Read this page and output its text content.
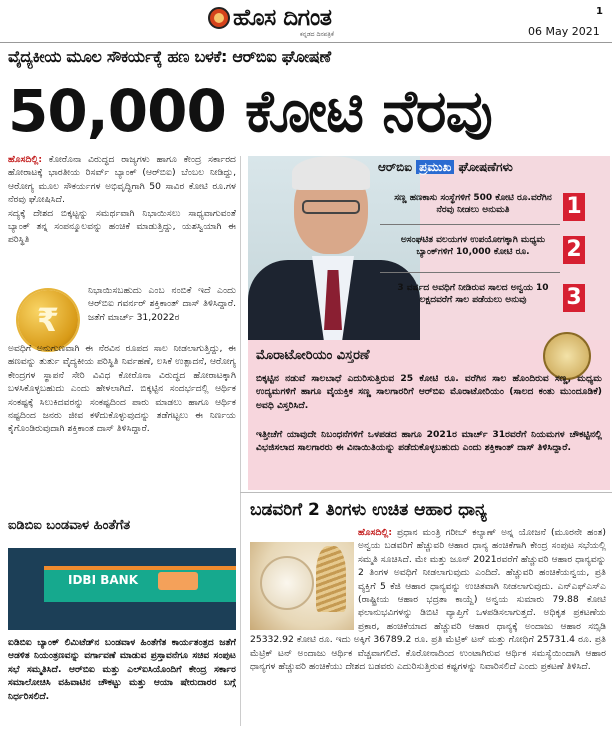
ಹೊಸ ದಿಗಂತ
ಕನ್ನಡದ ದಿನಪತ್ರಿಕೆ
1
06 May 2021
ವೈದ್ಯಕೀಯ ಮೂಲ ಸೌಕರ್ಯಕ್ಕೆ ಹಣ ಬಳಕೆ: ಆರ್‌ಬಿಐ ಘೋಷಣೆ
50,000 ಕೋಟಿ ನೆರವು
ಹೊಸದಿಲ್ಲಿ: ಕೋರೊನಾ ವಿರುದ್ಧದ ರಾಜ್ಯಗಳು ಹಾಗೂ ಕೇಂದ್ರ ಸರ್ಕಾರದ ಹೋರಾಟಕ್ಕೆ ಭಾರತೀಯ ರಿಸರ್ವ್ ಬ್ಯಾಂಕ್ (ಆರ್‌ಬಿಐ) ಬೆಂಬಲ ನೀಡಿದ್ದು, ಆರೋಗ್ಯ ಮೂಲ ಸೌಕರ್ಯಗಳ ಅಭಿವೃದ್ಧಿಗಾಗಿ 50 ಸಾವಿರ ಕೋಟಿ ರೂ.ಗಳ ನೆರವು ಘೋಷಿಸಿದೆ.
ಸದ್ಯಕ್ಕೆ ದೇಶದ ಬಿಕ್ಕಟ್ಟನ್ನು ಸಮರ್ಥವಾಗಿ ನಿಭಾಯಿಸಲು ಸಾಧ್ಯವಾಗುವಂತೆ ಬ್ಯಾಂಕ್ ತನ್ನ ಸಂಪನ್ಮೂಲವನ್ನು ಹಂಚಿಕೆ ಮಾಡುತ್ತಿದ್ದು, ಯಶಸ್ವಿಯಾಗಿ ಈ ಪರಿಸ್ಥಿತಿ
₹
ನಿಭಾಯಿಸಬಹುದು ಎಂಬ ನಂಬಿಕೆ ಇದೆ ಎಂದು ಆರ್‌ಬಿಐ ಗವರ್ನರ್ ಶಕ್ತಿಕಾಂತ್ ದಾಸ್ ತಿಳಿಸಿದ್ದಾರೆ. ಜತೆಗೆ ಮಾರ್ಚ್ 31,2022ರ
ಅವಧಿಗೆ ಅನುಗುಣವಾಗಿ ಈ ನೆರವಿನ ರೂಪದ ಸಾಲ ನೀಡಲಾಗುತ್ತಿದ್ದು, ಈ ಹಣವನ್ನು ತುರ್ತು ವೈದ್ಯಕೀಯ ಪರಿಸ್ಥಿತಿ ನಿರ್ವಹಣೆ, ಲಸಿಕೆ ಉತ್ಪಾದನೆ, ಆರೋಗ್ಯ ಕೇಂದ್ರಗಳ ಸ್ಥಾಪನೆ ಸೇರಿ ವಿವಿಧ ಕೋರೊನಾ ವಿರುದ್ಧದ ಹೋರಾಟಕ್ಕಾಗಿ ಬಳಸಿಕೊಳ್ಳಬಹುದು ಎಂದು ಹೇಳಲಾಗಿದೆ. ಬಿಕ್ಕಟ್ಟಿನ ಸಂದರ್ಭದಲ್ಲಿ ಆರ್ಥಿಕ ಸಂಕಷ್ಟಕ್ಕೆ ಸಿಲುಕಿದವರನ್ನು ಸಂಕಷ್ಟದಿಂದ ಪಾರು ಮಾಡಲು ಹಾಗೂ ಆರ್ಥಿಕ ನಷ್ಟದಿಂದ ಜನರು ಜೀವ ಕಳೆದುಕೊಳ್ಳುವುದನ್ನು ತಡೆಗಟ್ಟಲು ಈ ನಿರ್ಣಯ ಕೈಗೊಂಡಿರುವುದಾಗಿ ಶಕ್ತಿಕಾಂತ ದಾಸ್ ತಿಳಿಸಿದ್ದಾರೆ.
ಐಡಿಬಿಐ ಬಂಡವಾಳ ಹಿಂತೆಗೆತ
IDBI BANK
ಐಡಿಬಿಐ ಬ್ಯಾಂಕ್ ಲಿಮಿಟೆಡ್‌ನ ಬಂಡವಾಳ ಹಿಂತೆಗೆತ ಕಾರ್ಯತಂತ್ರದ ಜತೆಗೆ ಆಡಳಿತ ನಿಯಂತ್ರಣವನ್ನು ವರ್ಗಾವಣೆ ಮಾಡುವ ಪ್ರಸ್ತಾವನೆಗೂ ಸಚಿವ ಸಂಪುಟ ಸಭೆ ಸಮ್ಮತಿಸಿದೆ. ಆರ್‌ಬಿಐ ಮತ್ತು ಎಲ್‌ಐಸಿಯೊಂದಿಗೆ ಕೇಂದ್ರ ಸರ್ಕಾರ ಸಮಾಲೋಚಿಸಿ ವಹಿವಾಟಿನ ಚೌಕಟ್ಟು ಮತ್ತು ಆಯಾ ಷೇರುದಾರರ ಬಗ್ಗೆ ನಿರ್ಧರಿಸಲಿದೆ.
ಆರ್‌ಬಿಐ ಪ್ರಮುಖ ಘೋಷಣೆಗಳು
ಸಣ್ಣ ಹಣಕಾಸು ಸಂಸ್ಥೆಗಳಿಗೆ 500 ಕೋಟಿ ರೂ.ವರೆಗಿನ ನೆರವು ನೀಡಲು ಅನುಮತಿ	1
ಅಸಂಘಟಿತ ವಲಯಗಳ ಉಪಯೋಗಕ್ಕಾಗಿ ಮಧ್ಯಮ ಬ್ಯಾಂಕ್‌ಗಳಿಗೆ 10,000 ಕೋಟಿ ರೂ.	2
3 ವರ್ಷದ ಅವಧಿಗೆ ನೀಡಿರುವ ಸಾಲದ ಅನ್ವಯ 10 ಲಕ್ಷದವರೆಗೆ ಸಾಲ ಪಡೆಯಲು ಅನುವು	3
ಮೊರಾಟೋರಿಯಂ ವಿಸ್ತರಣೆ
ಬಿಕ್ಕಟ್ಟಿನ ನಡುವೆ ಸಾಲಬಾಧೆ ಎದುರಿಸುತ್ತಿರುವ 25 ಕೋಟಿ ರೂ. ವರೆಗಿನ ಸಾಲ ಹೊಂದಿರುವ ಸಣ್ಣ, ಮಧ್ಯಮ ಉದ್ಯಮಗಳಿಗೆ ಹಾಗೂ ವೈಯಕ್ತಿಕ ಸಣ್ಣ ಸಾಲಗಾರರಿಗೆ ಆರ್‌ಬಿಐ ಮೊರಾಟೋರಿಯಂ (ಸಾಲದ ಕಂತು ಮುಂದೂಡಿಕೆ) ಅವಧಿ ವಿಸ್ತರಿಸಿದೆ.
ಇತ್ತೀಚೆಗೆ ಯಾವುದೇ ನಿಬಂಧನೆಗಳಿಗೆ ಒಳಪಡದ ಹಾಗೂ 2021ರ ಮಾರ್ಚ್ 31ರವರೆಗೆ ನಿಯಮಗಳ ಚೌಕಟ್ಟಿನಲ್ಲಿ ವಿಭಜಿಸಲಾದ ಸಾಲಗಾರರು ಈ ವಿನಾಯಿತಿಯನ್ನು ಪಡೆದುಕೊಳ್ಳಬಹುದು ಎಂದು ಶಕ್ತಿಕಾಂತ್ ದಾಸ್ ತಿಳಿಸಿದ್ದಾರೆ.
ಬಡವರಿಗೆ 2 ತಿಂಗಳು ಉಚಿತ ಆಹಾರ ಧಾನ್ಯ
ಹೊಸದಿಲ್ಲಿ: ಪ್ರಧಾನ ಮಂತ್ರಿ ಗರೀಬ್ ಕಲ್ಯಾಣ್ ಅನ್ನ ಯೋಜನೆ (ಮೂರನೇ ಹಂತ) ಅನ್ವಯ ಬಡವರಿಗೆ ಹೆಚ್ಚುವರಿ ಆಹಾರ ಧಾನ್ಯ ಹಂಚಿಕೆಗಾಗಿ ಕೇಂದ್ರ ಸಂಪುಟ ಸಭೆಯಲ್ಲಿ ಸಮ್ಮತಿ ಸೂಚಿಸಿದೆ. ಮೇ ಮತ್ತು ಜೂನ್ 2021ರವರೆಗೆ ಹೆಚ್ಚುವರಿ ಆಹಾರ ಧಾನ್ಯವನ್ನು 2 ತಿಂಗಳ ಅವಧಿಗೆ ನೀಡಲಾಗುವುದು ಎಂದಿದೆ. ಹೆಚ್ಚುವರಿ ಹಂಚಿಕೆಯನ್ವಯ, ಪ್ರತಿ ವ್ಯಕ್ತಿಗೆ 5 ಕೆಜಿ ಆಹಾರ ಧಾನ್ಯವನ್ನು ಉಚಿತವಾಗಿ ನೀಡಲಾಗುವುದು. ಎನ್‌ಎಫ್‌ಎಸ್‌ಎ (ರಾಷ್ಟ್ರೀಯ ಆಹಾರ ಭದ್ರತಾ ಕಾಯ್ದೆ) ಅನ್ವಯ ಸುಮಾರು 79.88 ಕೋಟಿ ಫಲಾನುಭವಿಗಳನ್ನು ಡಿಬಿಟಿ ವ್ಯಾಪ್ತಿಗೆ ಒಳಪಡಿಸಲಾಗುತ್ತದೆ. ಅಧಿಕೃತ ಪ್ರಕಟಣೆಯ ಪ್ರಕಾರ, ಹಂಚಿಕೆಯಾದ ಹೆಚ್ಚುವರಿ ಆಹಾರ ಧಾನ್ಯಕ್ಕೆ ಅಂದಾಜು ಆಹಾರ ಸಬ್ಸಿಡಿ 25332.92 ಕೋಟಿ ರೂ. ಇದು ಅಕ್ಕಿಗೆ 36789.2 ರೂ. ಪ್ರತಿ ಮೆಟ್ರಿಕ್ ಟನ್ ಮತ್ತು ಗೋಧಿಗೆ 25731.4 ರೂ. ಪ್ರತಿ ಮೆಟ್ರಿಕ್ ಟನ್ ಅಂದಾಜು ಆರ್ಥಿಕ ವೆಚ್ಚವಾಗಲಿದೆ. ಕೊರೋನಾದಿಂದ ಉಂಟಾಗಿರುವ ಆರ್ಥಿಕ ಸಮಸ್ಯೆಯಿಂದಾಗಿ ಆಹಾರ ಧಾನ್ಯಗಳ ಹೆಚ್ಚುವರಿ ಹಂಚಿಕೆಯು ದೇಶದ ಬಡವರು ಎದುರಿಸುತ್ತಿರುವ ಕಷ್ಟಗಳನ್ನು ನಿವಾರಿಸಲಿದೆ ಎಂದು ಪ್ರಕಟಣೆ ತಿಳಿಸಿದೆ.
